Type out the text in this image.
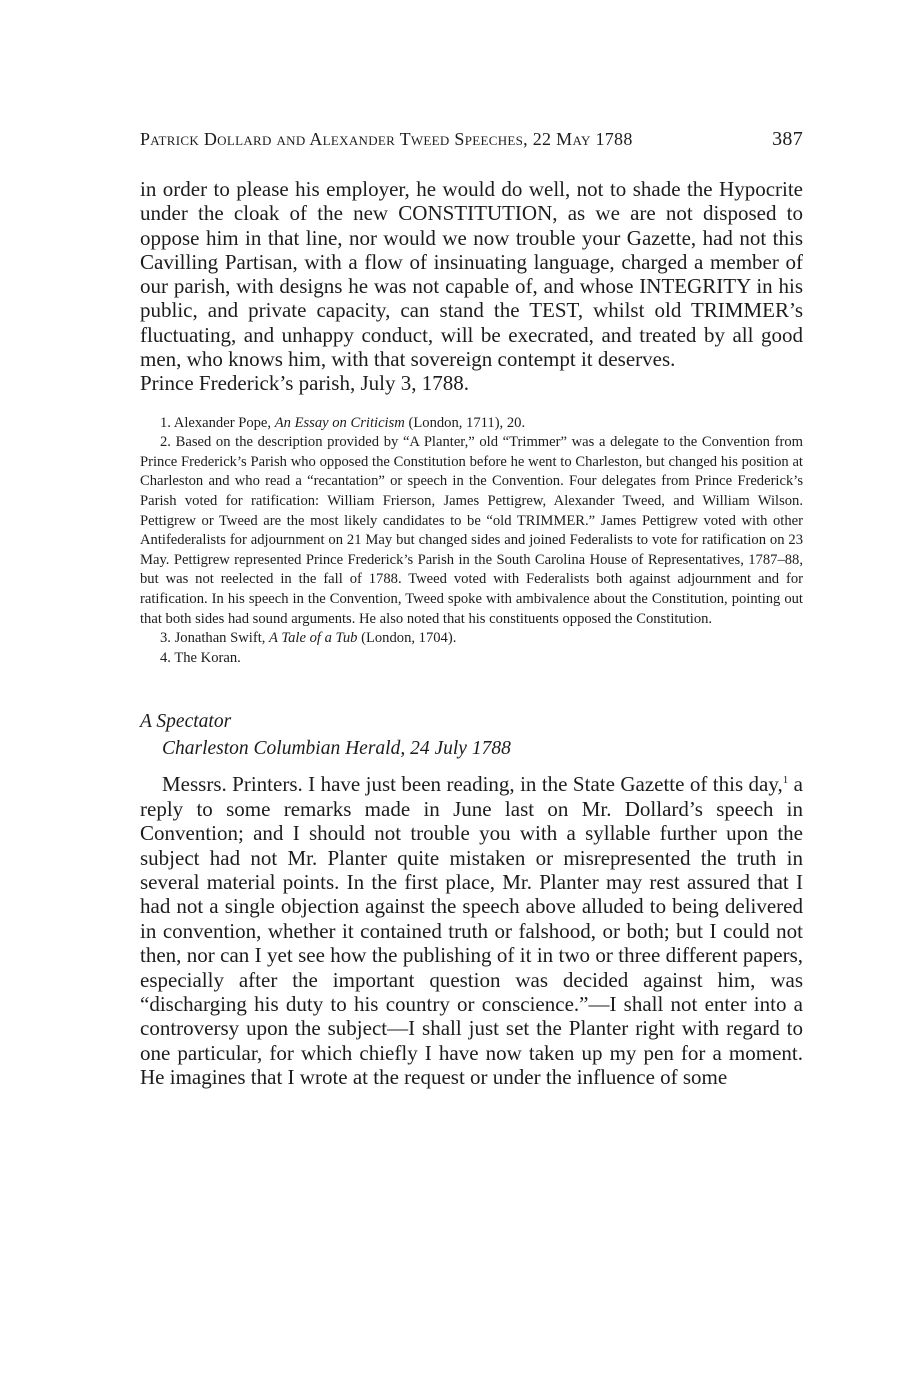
Patrick Dollard and Alexander Tweed Speeches, 22 May 1788	387

in order to please his employer, he would do well, not to shade the Hypocrite under the cloak of the new CONSTITUTION, as we are not disposed to oppose him in that line, nor would we now trouble your Gazette, had not this Cavilling Partisan, with a flow of insinuating language, charged a member of our parish, with designs he was not capable of, and whose INTEGRITY in his public, and private capacity, can stand the TEST, whilst old TRIMMER’s fluctuating, and unhappy conduct, will be execrated, and treated by all good men, who knows him, with that sovereign contempt it deserves.

Prince Frederick’s parish, July 3, 1788.

1. Alexander Pope, An Essay on Criticism (London, 1711), 20.

2. Based on the description provided by “A Planter,” old “Trimmer” was a delegate to the Convention from Prince Frederick’s Parish who opposed the Constitution before he went to Charleston, but changed his position at Charleston and who read a “recantation” or speech in the Convention. Four delegates from Prince Frederick’s Parish voted for ratification: William Frierson, James Pettigrew, Alexander Tweed, and William Wilson. Pettigrew or Tweed are the most likely candidates to be “old TRIMMER.” James Pettigrew voted with other Antifederalists for adjournment on 21 May but changed sides and joined Federalists to vote for ratification on 23 May. Pettigrew represented Prince Frederick’s Parish in the South Carolina House of Representatives, 1787–88, but was not reelected in the fall of 1788. Tweed voted with Federalists both against adjournment and for ratification. In his speech in the Convention, Tweed spoke with ambivalence about the Constitution, pointing out that both sides had sound arguments. He also noted that his constituents opposed the Constitution.

3. Jonathan Swift, A Tale of a Tub (London, 1704).

4. The Koran.

A Spectator
Charleston Columbian Herald, 24 July 1788

Messrs. Printers. I have just been reading, in the State Gazette of this day,$^1$ a reply to some remarks made in June last on Mr. Dollard’s speech in Convention; and I should not trouble you with a syllable further upon the subject had not Mr. Planter quite mistaken or misrepresented the truth in several material points. In the first place, Mr. Planter may rest assured that I had not a single objection against the speech above alluded to being delivered in convention, whether it contained truth or falshood, or both; but I could not then, nor can I yet see how the publishing of it in two or three different papers, especially after the important question was decided against him, was “discharging his duty to his country or conscience.”—I shall not enter into a controversy upon the subject—I shall just set the Planter right with regard to one particular, for which chiefly I have now taken up my pen for a moment. He imagines that I wrote at the request or under the influence of some
